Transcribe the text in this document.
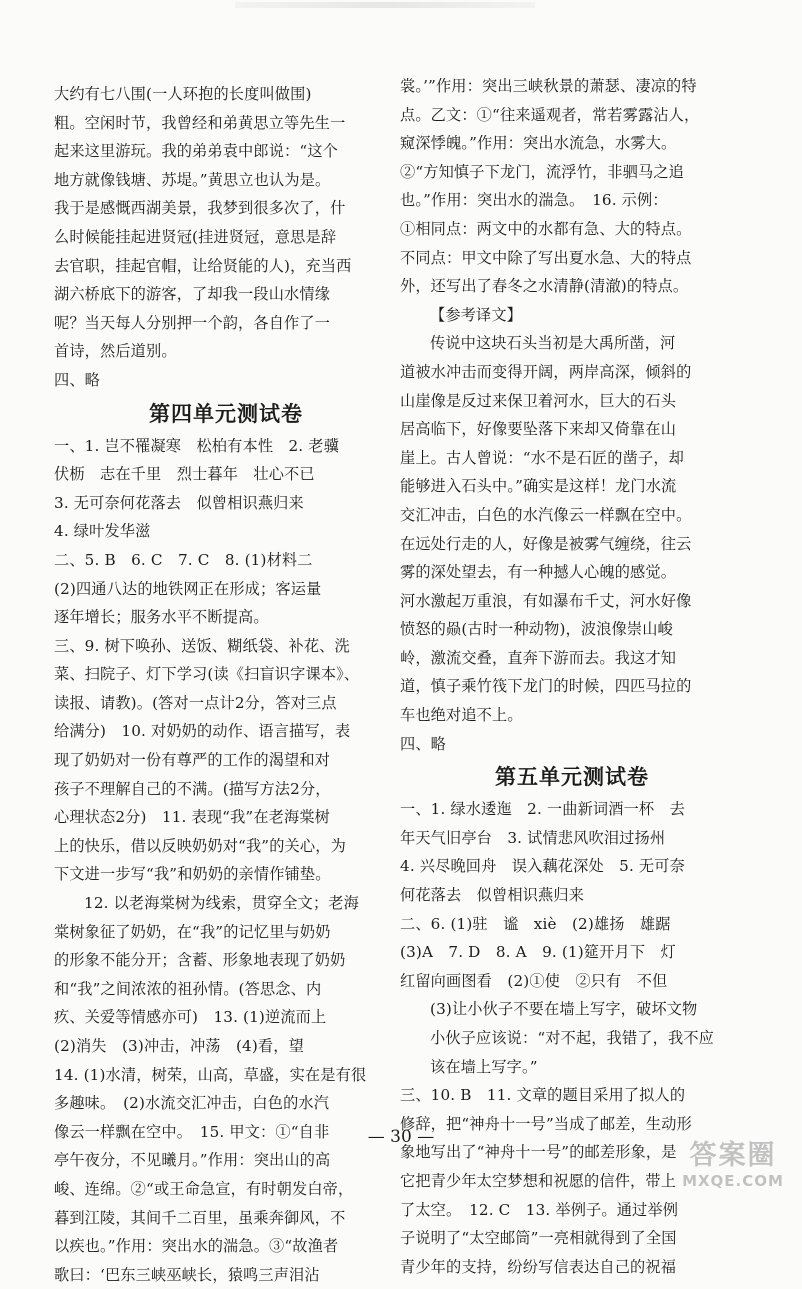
大约有七八围(一人环抱的长度叫做围)
粗。空闲时节，我曾经和弟黄思立等先生一
起来这里游玩。我的弟弟袁中郎说：“这个
地方就像钱塘、苏堤。”黄思立也认为是。
我于是感慨西湖美景，我梦到很多次了，什
么时候能挂起进贤冠(挂进贤冠，意思是辞
去官职，挂起官帽，让给贤能的人)，充当西
湖六桥底下的游客，了却我一段山水情缘
呢？当天每人分别押一个韵，各自作了一
首诗，然后道别。
四、略
第四单元测试卷
一、1. 岂不罹凝寒　松柏有本性　2. 老骥
伏枥　志在千里　烈士暮年　壮心不已
3. 无可奈何花落去　似曾相识燕归来
4. 绿叶发华滋
二、5. B　6. C　7. C　8. (1)材料二
(2)四通八达的地铁网正在形成；客运量
逐年增长；服务水平不断提高。
三、9. 树下唤孙、送饭、糊纸袋、补花、洗
菜、扫院子、灯下学习(读《扫盲识字课本》、
读报、请教)。(答对一点计2分，答对三点
给满分)　10. 对奶奶的动作、语言描写，表
现了奶奶对一份有尊严的工作的渴望和对
孩子不理解自己的不满。(描写方法2分，
心理状态2分)　11. 表现“我”在老海棠树
上的快乐，借以反映奶奶对“我”的关心，为
下文进一步写“我”和奶奶的亲情作铺垫。
12. 以老海棠树为线索，贯穿全文；老海
棠树象征了奶奶，在“我”的记忆里与奶奶
的形象不能分开；含蓄、形象地表现了奶奶
和“我”之间浓浓的祖孙情。(答思念、内
疚、关爱等情感亦可)　13. (1)逆流而上
(2)消失　(3)冲击，冲荡　(4)看，望
14. (1)水清，树荣，山高，草盛，实在是有很
多趣味。　(2)水流交汇冲击，白色的水汽
像云一样飘在空中。　15. 甲文：①“自非
亭午夜分，不见曦月。”作用：突出山的高
峻、连绵。②“或王命急宣，有时朝发白帝，
暮到江陵，其间千二百里，虽乘奔御风，不
以疾也。”作用：突出水的湍急。③“故渔者
歌曰：‘巴东三峡巫峡长，猿鸣三声泪沾
裳。’”作用：突出三峡秋景的萧瑟、凄凉的特
点。乙文：①“往来遥观者，常若雾露沾人，
窥深悸魄。”作用：突出水流急，水雾大。
②“方知慎子下龙门，流浮竹，非驷马之追
也。”作用：突出水的湍急。　16. 示例：
①相同点：两文中的水都有急、大的特点。
不同点：甲文中除了写出夏水急、大的特点
外，还写出了春冬之水清静(清澈)的特点。
【参考译文】
传说中这块石头当初是大禹所凿，河
道被水冲击而变得开阔，两岸高深，倾斜的
山崖像是反过来保卫着河水，巨大的石头
居高临下，好像要坠落下来却又倚靠在山
崖上。古人曾说：“水不是石匠的凿子，却
能够进入石头中。”确实是这样！龙门水流
交汇冲击，白色的水汽像云一样飘在空中。
在远处行走的人，好像是被雾气缠绕，往云
雾的深处望去，有一种撼人心魄的感觉。
河水激起万重浪，有如瀑布千丈，河水好像
愤怒的赑(古时一种动物)，波浪像崇山峻
岭，激流交叠，直奔下游而去。我这才知
道，慎子乘竹筏下龙门的时候，四匹马拉的
车也绝对追不上。
四、略
第五单元测试卷
一、1. 绿水逶迤　2. 一曲新词酒一杯　去
年天气旧亭台　3. 试情悲风吹泪过扬州
4. 兴尽晚回舟　误入藕花深处　5. 无可奈
何花落去　似曾相识燕归来
二、6. (1)驻　谧　xiè　(2)雄扬　雄踞
(3)A　7. D　8. A　9. (1)筵开月下　灯
红留向画图看　(2)①使　②只有　不但
(3)让小伙子不要在墙上写字，破坏文物
小伙子应该说：“对不起，我错了，我不应
该在墙上写字。”
三、10. B　11. 文章的题目采用了拟人的
修辞，把“神舟十一号”当成了邮差，生动形
象地写出了“神舟十一号”的邮差形象，是
它把青少年太空梦想和祝愿的信件，带上
了太空。　12. C　13. 举例子。通过举例
子说明了“太空邮筒”一亮相就得到了全国
青少年的支持，纷纷写信表达自己的祝福
— 30 —
答案圈
MXQE.COM
